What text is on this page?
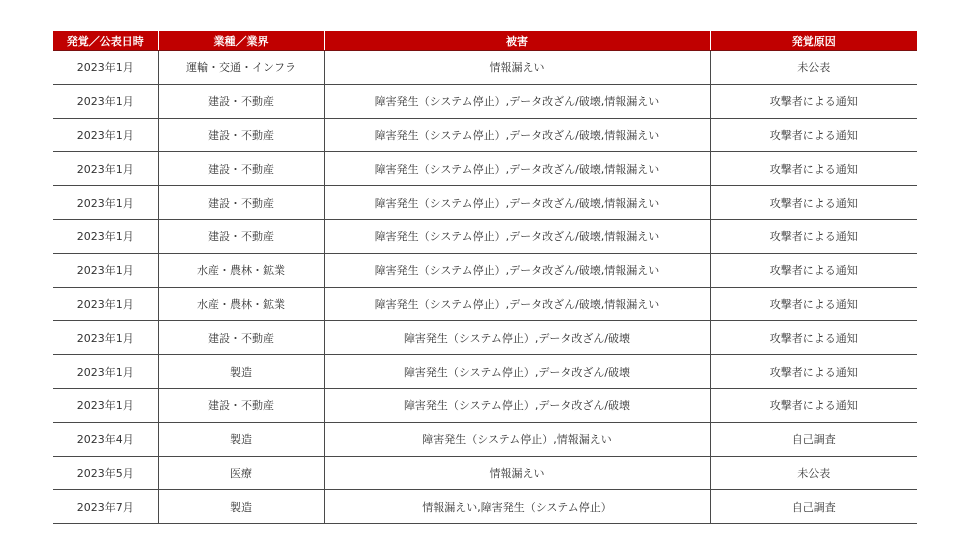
発覚／公表日時	業種／業界	被害	発覚原因
2023年1月	運輸・交通・インフラ	情報漏えい	未公表
2023年1月	建設・不動産	障害発生（システム停止）,データ改ざん/破壊,情報漏えい	攻撃者による通知
2023年1月	建設・不動産	障害発生（システム停止）,データ改ざん/破壊,情報漏えい	攻撃者による通知
2023年1月	建設・不動産	障害発生（システム停止）,データ改ざん/破壊,情報漏えい	攻撃者による通知
2023年1月	建設・不動産	障害発生（システム停止）,データ改ざん/破壊,情報漏えい	攻撃者による通知
2023年1月	建設・不動産	障害発生（システム停止）,データ改ざん/破壊,情報漏えい	攻撃者による通知
2023年1月	水産・農林・鉱業	障害発生（システム停止）,データ改ざん/破壊,情報漏えい	攻撃者による通知
2023年1月	水産・農林・鉱業	障害発生（システム停止）,データ改ざん/破壊,情報漏えい	攻撃者による通知
2023年1月	建設・不動産	障害発生（システム停止）,データ改ざん/破壊	攻撃者による通知
2023年1月	製造	障害発生（システム停止）,データ改ざん/破壊	攻撃者による通知
2023年1月	建設・不動産	障害発生（システム停止）,データ改ざん/破壊	攻撃者による通知
2023年4月	製造	障害発生（システム停止）,情報漏えい	自己調査
2023年5月	医療	情報漏えい	未公表
2023年7月	製造	情報漏えい,障害発生（システム停止）	自己調査
